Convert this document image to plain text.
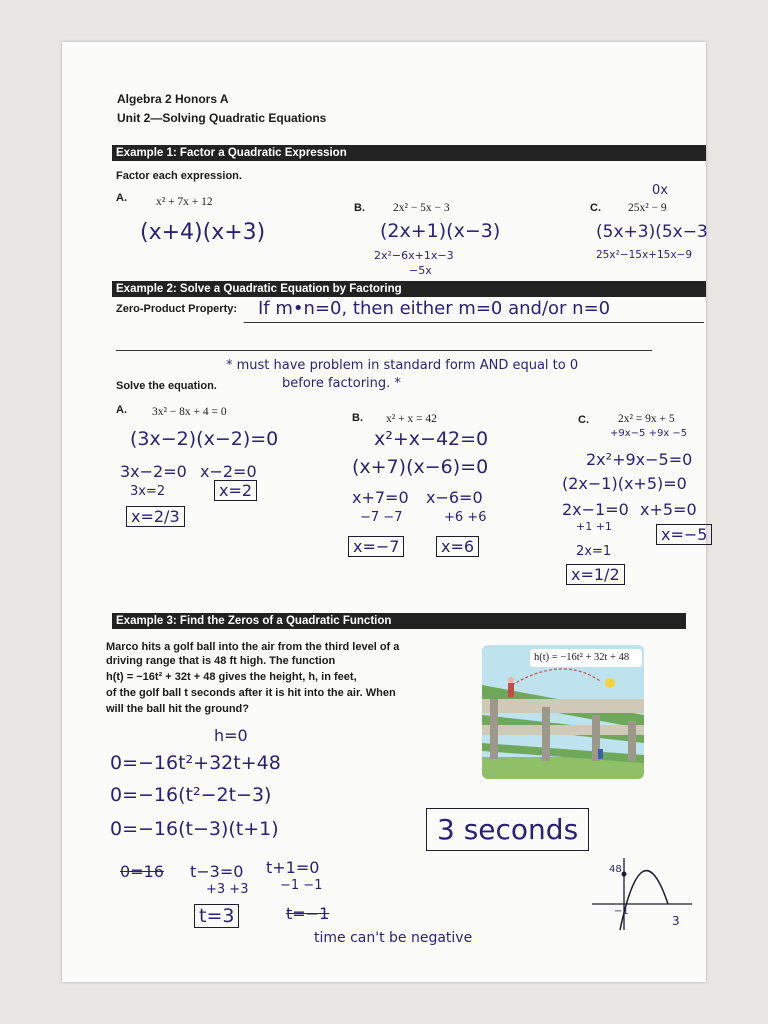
Algebra 2 Honors A
Unit 2—Solving Quadratic Equations
Example 1: Factor a Quadratic Expression
Factor each expression.
A.	x² + 7x + 12
(x+4)(x+3)
B. 2x² − 5x − 3
(2x+1)(x−3)
2x²−6x+1x−3
−5x
0x
C. 25x² − 9
(5x+3)(5x−3
25x²−15x+15x−9
Example 2: Solve a Quadratic Equation by Factoring
Zero-Product Property: If m•n=0, then either m=0 and/or n=0
* must have problem in standard form AND equal to 0
before factoring. *
Solve the equation.
A. 3x² − 8x + 4 = 0
(3x−2)(x−2)=0
3x−2=0 x−2=0
3x=2	x=2
x=2/3
B. x² + x = 42
x²+x−42=0
(x+7)(x−6)=0
x+7=0 x−6=0
−7 −7	+6 +6
x=−7	x=6
C.	2x² = 9x + 5
+9x−5 +9x −5
2x²+9x−5=0
(2x−1)(x+5)=0
2x−1=0 x+5=0
+1 +1	x=−5
2x=1
x=1/2
Example 3: Find the Zeros of a Quadratic Function
Marco hits a golf ball into the air from the third level of a
driving range that is 48 ft high. The function
h(t) = −16t² + 32t + 48 gives the height, h, in feet,
of the golf ball t seconds after it is hit into the air. When
will the ball hit the ground?
h(t) = −16t² + 32t + 48
h=0
0=−16t²+32t+48
0=−16(t²−2t−3)
0=−16(t−3)(t+1)
0=16 t−3=0
+3 +3
t+1=0
−1 −1
t=3	t=−1
time can't be negative
3 seconds
48
−1
3
